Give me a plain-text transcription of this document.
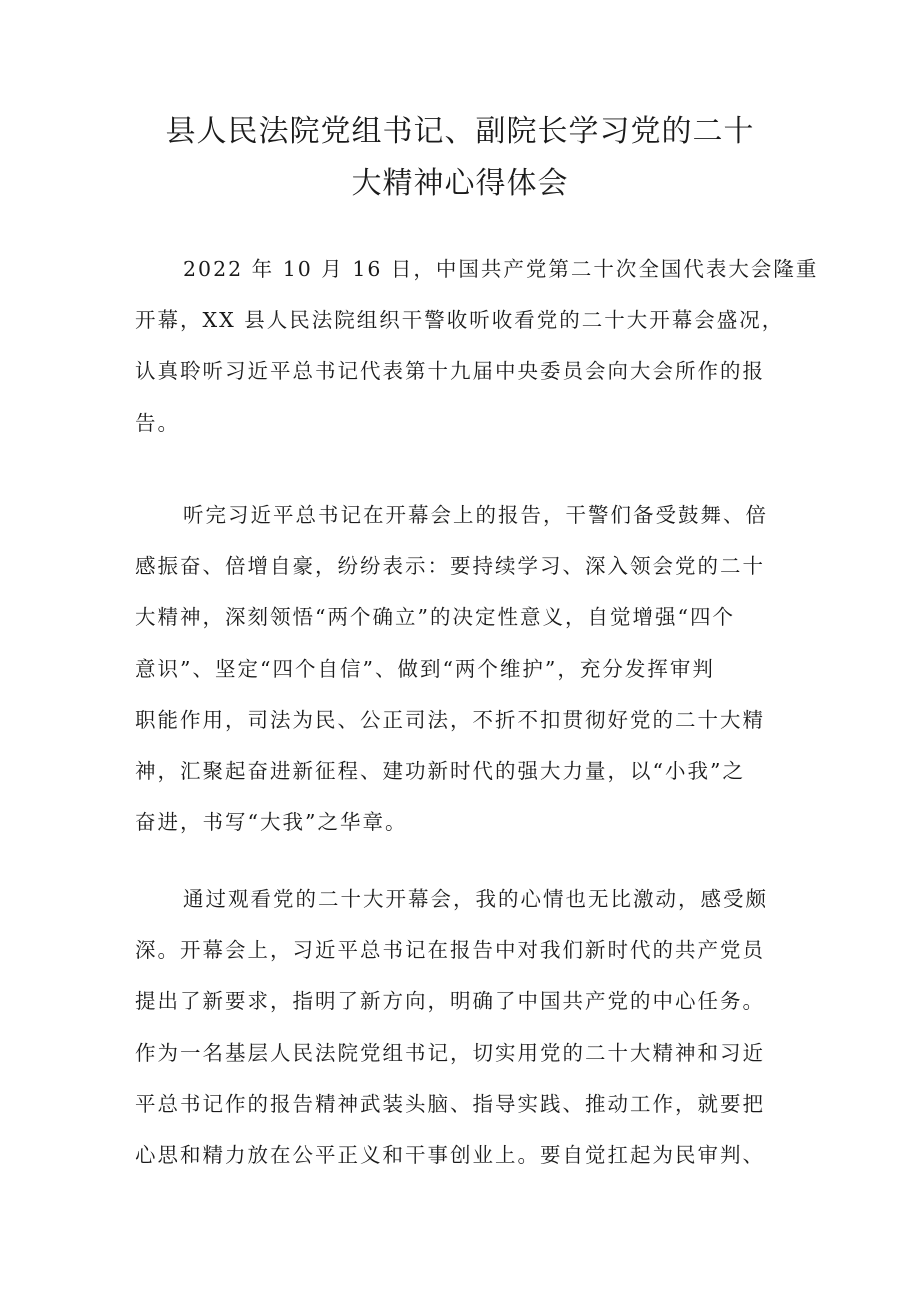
县人民法院党组书记、副院长学习党的二十
大精神心得体会

2022 年 10 月 16 日，中国共产党第二十次全国代表大会隆重
开幕，XX 县人民法院组织干警收听收看党的二十大开幕会盛况，
认真聆听习近平总书记代表第十九届中央委员会向大会所作的报
告。

听完习近平总书记在开幕会上的报告，干警们备受鼓舞、倍
感振奋、倍增自豪，纷纷表示：要持续学习、深入领会党的二十
大精神，深刻领悟“两个确立”的决定性意义，自觉增强“四个
意识”、坚定“四个自信”、做到“两个维护”，充分发挥审判
职能作用，司法为民、公正司法，不折不扣贯彻好党的二十大精
神，汇聚起奋进新征程、建功新时代的强大力量，以“小我”之
奋进，书写“大我”之华章。

通过观看党的二十大开幕会，我的心情也无比激动，感受颇
深。开幕会上，习近平总书记在报告中对我们新时代的共产党员
提出了新要求，指明了新方向，明确了中国共产党的中心任务。
作为一名基层人民法院党组书记，切实用党的二十大精神和习近
平总书记作的报告精神武装头脑、指导实践、推动工作，就要把
心思和精力放在公平正义和干事创业上。要自觉扛起为民审判、
